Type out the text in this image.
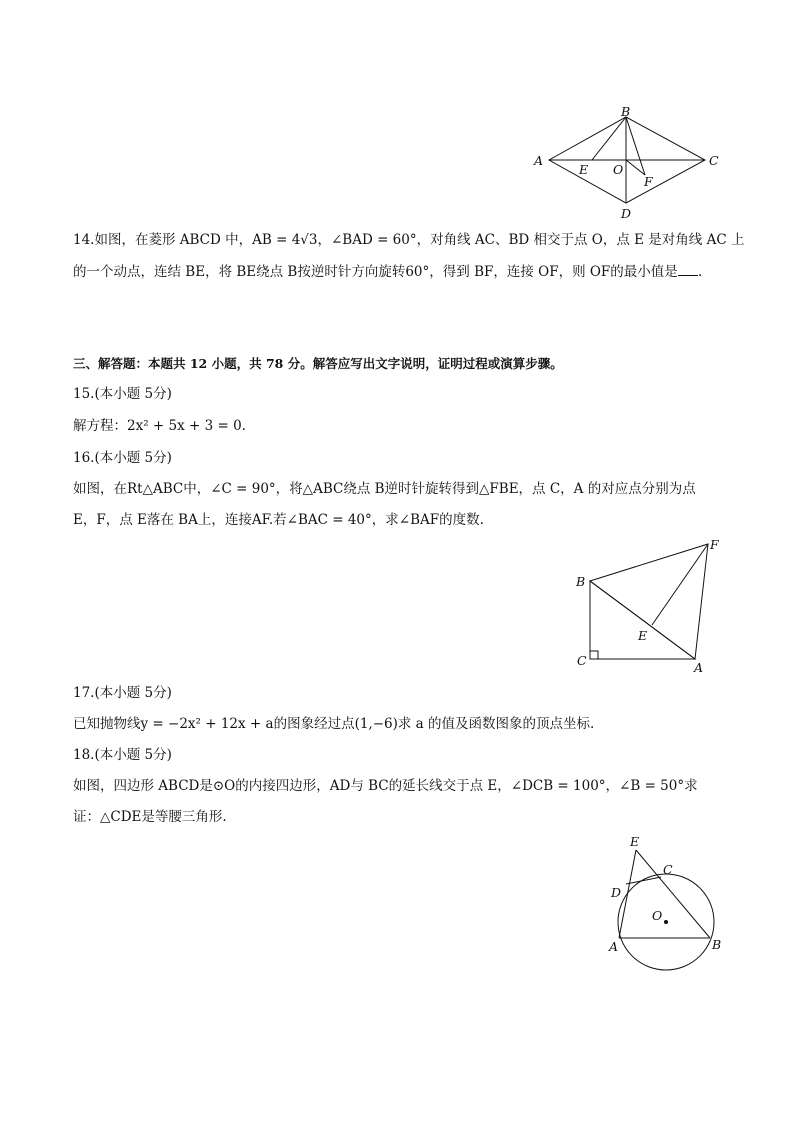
B
A	C
D
E O
F
14.如图，在菱形 ABCD 中，AB = 4√3，∠BAD = 60°，对角线 AC、BD 相交于点 O，点 E 是对角线 AC 上
的一个动点，连结 BE，将 BE绕点 B按逆时针方向旋转60°，得到 BF，连接 OF，则 OF的最小值是 .
三、解答题：本题共 12 小题，共 78 分。解答应写出文字说明，证明过程或演算步骤。
15.(本小题 5分)
解方程：2x² + 5x + 3 = 0.
16.(本小题 5分)
如图，在Rt△ABC中，∠C = 90°，将△ABC绕点 B逆时针旋转得到△FBE，点 C，A 的对应点分别为点
E，F，点 E落在 BA上，连接AF.若∠BAC = 40°，求∠BAF的度数.
B
C
E
F
A
17.(本小题 5分)
已知抛物线y = −2x² + 12x + a的图象经过点(1,−6)求 a 的值及函数图象的顶点坐标.
18.(本小题 5分)
如图，四边形 ABCD是⊙O的内接四边形，AD与 BC的延长线交于点 E，∠DCB = 100°，∠B = 50°求
证：△CDE是等腰三角形.
E
C
D
O
A	B
